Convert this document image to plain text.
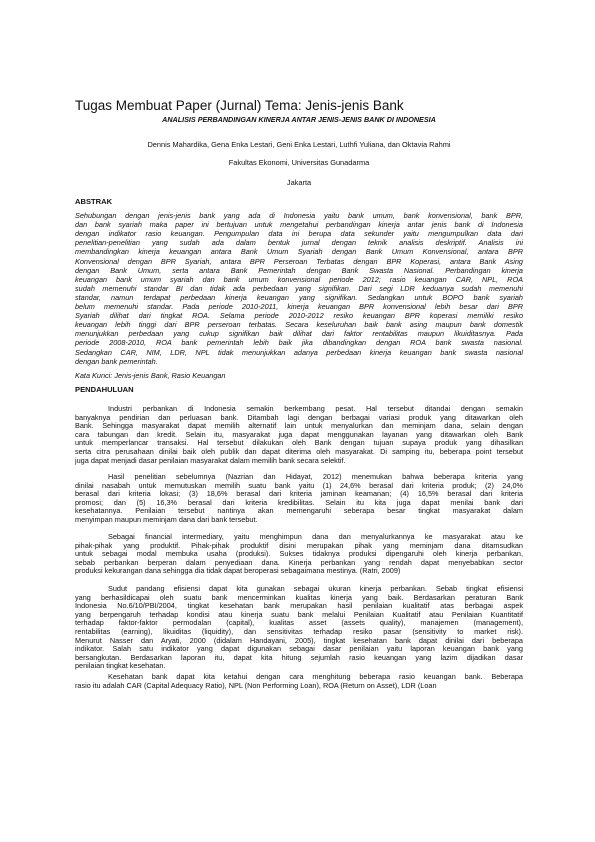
Tugas Membuat Paper (Jurnal) Tema: Jenis-jenis Bank
ANALISIS PERBANDINGAN KINERJA ANTAR JENIS-JENIS BANK DI INDONESIA
Dennis Mahardika, Gena Enka Lestari, Geni Enka Lestari, Luthfi Yuliana, dan Oktavia Rahmi
Fakultas Ekonomi, Universitas Gunadarma
Jakarta
ABSTRAK
Sehubungan dengan jenis-jenis bank yang ada di Indonesia yaitu bank umum, bank konvensional, bank BPR,
dan bank syariah maka paper ini bertujuan untuk mengetahui perbandingan kinerja antar jenis bank di Indonesia
dengan indikator rasio keuangan. Pengumpulan data ini berupa data sekunder yaitu mengumpulkan data dari
penelitian-penelitian yang sudah ada dalam bentuk jurnal dengan teknik analisis deskriptif. Analisis ini
membandingkan kinerja keuangan antara Bank Umum Syariah dengan Bank Umum Konvensional, antara BPR
Konvensional dengan BPR Syariah, antara BPR Perseroan Terbatas dengan BPR Koperasi, antara Bank Asing
dengan Bank Umum, serta antara Bank Pemerintah dengan Bank Swasta Nasional. Perbandingan kinerja
keuangan bank umum syariah dan bank umum konvensional periode 2012; rasio keuangan CAR, NPL, ROA
sudah memenuhi standar BI dan tidak ada perbedaan yang signifikan. Dari segi LDR keduanya sudah memenuhi
standar, namun terdapat perbedaan kinerja keuangan yang signifikan. Sedangkan untuk BOPO bank syariah
belum memenuhi standar. Pada periode 2010-2011, kinerja keuangan BPR konvensional lebih besar dari BPR
Syariah dilihat dari tingkat ROA. Selama periode 2010-2012 resiko keuangan BPR koperasi memiliki resiko
keuangan lebih tinggi dari BPR perseroan terbatas. Secara keseluruhan baik bank asing maupun bank domestik
menunjukkan perbedaan yang cukup signifikan baik dilihat dari faktor rentabilitas maupun likuiditasnya. Pada
periode 2008-2010, ROA bank pemerintah lebih baik jika dibandingkan dengan ROA bank swasta nasional.
Sedangkan CAR, NIM, LDR, NPL tidak menunjukkan adanya perbedaan kinerja keuangan bank swasta nasional
dengan bank pemerintah.
Kata Kunci: Jenis-jenis Bank, Rasio Keuangan
PENDAHULUAN
Industri perbankan di Indonesia semakin berkembang pesat. Hal tersebut ditandai dengan semakin
banyaknya pendirian dan perluasan bank. Ditambah lagi dengan berbagai variasi produk yang ditawarkan oleh
Bank. Sehingga masyarakat dapat memilih alternatif lain untuk menyalurkan dan meminjam dana, selain dengan
cara tabungan dan kredit. Selain itu, masyarakat juga dapat menggunakan layanan yang ditawarkan oleh Bank
untuk memperlancar transaksi. Hal tersebut dilakukan oleh Bank dengan tujuan supaya produk yang dihasilkan
serta citra perusahaan dinilai baik oleh publik dan dapat diterima oleh masyarakat. Di samping itu, beberapa point tersebut
juga dapat menjadi dasar penilaian masyarakat dalam memilih bank secara selektif.
Hasil penelitian sebelumnya (Nazrian dan Hidayat, 2012) menemukan bahwa beberapa kriteria yang
dinilai nasabah untuk memutuskan memilih suatu bank yaitu (1) 24,6% berasal dari kriteria produk; (2) 24,0%
berasal dari kriteria lokasi; (3) 18,6% berasal dari kriteria jaminan keamanan; (4) 16,5% berasal dari kriteria
promosi; dan (5) 16,3% berasal dari kriteria kredibilitas. Selain itu kita juga dapat menilai bank dari
kesehatannya. Penilaian tersebut nantinya akan memengaruhi seberapa besar tingkat masyarakat dalam
menyimpan maupun meminjam dana dari bank tersebut.
Sebagai financial intermediary, yaitu menghimpun dana dan menyalurkannya ke masyarakat atau ke
pihak-pihak yang produktif. Pihak-pihak produktif disini merupakan pihak yang meminjam dana ditamsudkan
untuk sebagai modal membuka usaha (produksi). Sukses tidaknya produksi dipengaruhi oleh kinerja perbankan,
sebab perbankan berperan dalam penyediaan dana. Kinerja perbankan yang rendah dapat menyebabkan sector
produksi kekurangan dana sehingga dia tidak dapat beroperasi sebagaimana mestinya. (Ratri, 2009)
Sudut pandang efisiensi dapat kita gunakan sebagai ukuran kinerja perbankan. Sebab tingkat efisiensi
yang berhasildicapai oleh suatu bank mencerminkan kualitas kinerja yang baik. Berdasarkan peraturan Bank
Indonesia No.6/10/PBI/2004, tingkat kesehatan bank merupakan hasil penilaian kualitatif atas berbagai aspek
yang berpengaruh terhadap kondisi atau kinerja suatu bank melalui Penilaian Kualitatif atau Penilaian Kuantitatif
terhadap faktor-faktor permodalan (capital), kualitas asset (assets quality), manajemen (management),
rentabilitas (earning), likuiditas (liquidity), dan sensitivitas terhadap resiko pasar (sensitivity to market risk).
Menurut Nasser dan Aryati, 2000 (didalam Handayani, 2005), tingkat kesehatan bank dapat dinilai dari beberapa
indikator. Salah satu indikator yang dapat digunakan sebagai dasar penilaian yaitu laporan keuangan bank yang
bersangkutan. Berdasarkan laporan itu, dapat kita hitung sejumlah rasio keuangan yang lazim dijadikan dasar
penilaian tingkat kesehatan.
Kesehatan bank dapat kita ketahui dengan cara menghitung beberapa rasio keuangan bank. Beberapa
rasio itu adalah CAR (Capital Adequacy Ratio), NPL (Non Performing Loan), ROA (Return on Asset), LDR (Loan
